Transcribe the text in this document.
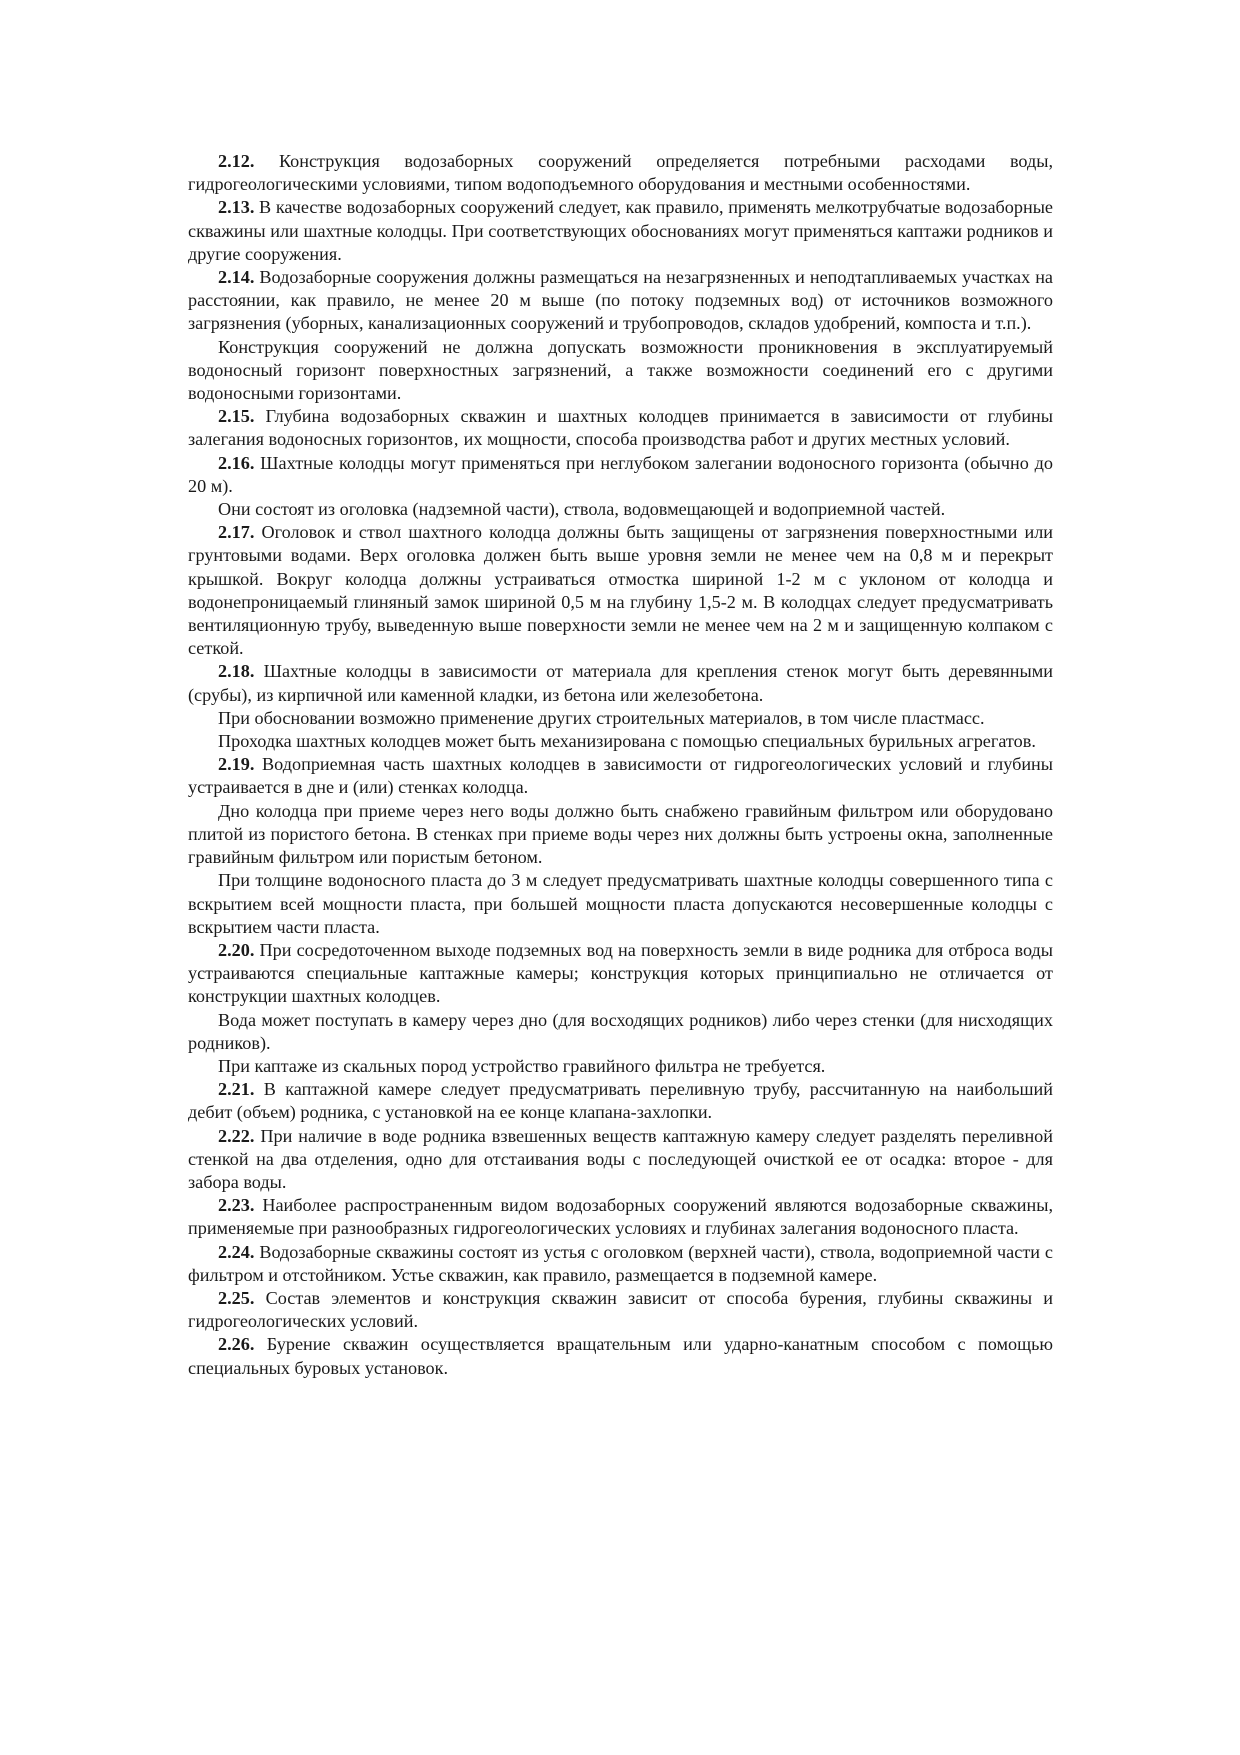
2.12. Конструкция водозаборных сооружений определяется потребными расходами воды, гидрогеологическими условиями, типом водоподъемного оборудования и местными особенностями.

2.13. В качестве водозаборных сооружений следует, как правило, применять мелкотрубчатые водозаборные скважины или шахтные колодцы. При соответствующих обоснованиях могут применяться каптажи родников и другие сооружения.

2.14. Водозаборные сооружения должны размещаться на незагрязненных и неподтапливаемых участках на расстоянии, как правило, не менее 20 м выше (по потоку подземных вод) от источников возможного загрязнения (уборных, канализационных сооружений и трубопроводов, складов удобрений, компоста и т.п.).

Конструкция сооружений не должна допускать возможности проникновения в эксплуатируемый водоносный горизонт поверхностных загрязнений, а также возможности соединений его с другими водоносными горизонтами.

2.15. Глубина водозаборных скважин и шахтных колодцев принимается в зависимости от глубины залегания водоносных горизонтов‚ их мощности, способа производства работ и других местных условий.

2.16. Шахтные колодцы могут применяться при неглубоком залегании водоносного горизонта (обычно до 20 м).

Они состоят из оголовка (надземной части), ствола, водовмещающей и водоприемной частей.

2.17. Оголовок и ствол шахтного колодца должны быть защищены от загрязнения поверхностными или грунтовыми водами. Верх оголовка должен быть выше уровня земли не менее чем на 0,8 м и перекрыт крышкой. Вокруг колодца должны устраиваться отмостка шириной 1-2 м с уклоном от колодца и водонепроницаемый глиняный замок шириной 0,5 м на глубину 1,5-2 м. В колодцах следует предусматривать вентиляционную трубу, выведенную выше поверхности земли не менее чем на 2 м и защищенную колпаком с сеткой.

2.18. Шахтные колодцы в зависимости от материала для крепления стенок могут быть деревянными (срубы), из кирпичной или каменной кладки, из бетона или железобетона.

При обосновании возможно применение других строительных материалов, в том числе пластмасс.

Проходка шахтных колодцев может быть механизирована с помощью специальных бурильных агрегатов.

2.19. Водоприемная часть шахтных колодцев в зависимости от гидрогеологических условий и глубины устраивается в дне и (или) стенках колодца.

Дно колодца при приеме через него воды должно быть снабжено гравийным фильтром или оборудовано плитой из пористого бетона. В стенках при приеме воды через них должны быть устроены окна, заполненные гравийным фильтром или пористым бетоном.

При толщине водоносного пласта до 3 м следует предусматривать шахтные колодцы совершенного типа с вскрытием всей мощности пласта, при большей мощности пласта допускаются несовершенные колодцы с вскрытием части пласта.

2.20. При сосредоточенном выходе подземных вод на поверхность земли в виде родника для отброса воды устраиваются специальные каптажные камеры; конструкция которых принципиально не отличается от конструкции шахтных колодцев.

Вода может поступать в камеру через дно (для восходящих родников) либо через стенки (для нисходящих родников).

При каптаже из скальных пород устройство гравийного фильтра не требуется.

2.21. В каптажной камере следует предусматривать переливную трубу, рассчитанную на наибольший дебит (объем) родника, с установкой на ее конце клапана-захлопки.

2.22. При наличие в воде родника взвешенных веществ каптажную камеру следует разделять переливной стенкой на два отделения, одно для отстаивания воды с последующей очисткой ее от осадка: второе - для забора воды.

2.23. Наиболее распространенным видом водозаборных сооружений являются водозаборные скважины, применяемые при разнообразных гидрогеологических условиях и глубинах залегания водоносного пласта.

2.24. Водозаборные скважины состоят из устья с оголовком (верхней части), ствола, водоприемной части с фильтром и отстойником. Устье скважин, как правило, размещается в подземной камере.

2.25. Состав элементов и конструкция скважин зависит от способа бурения, глубины скважины и гидрогеологических условий.

2.26. Бурение скважин осуществляется вращательным или ударно-канатным способом с помощью специальных буровых установок.
